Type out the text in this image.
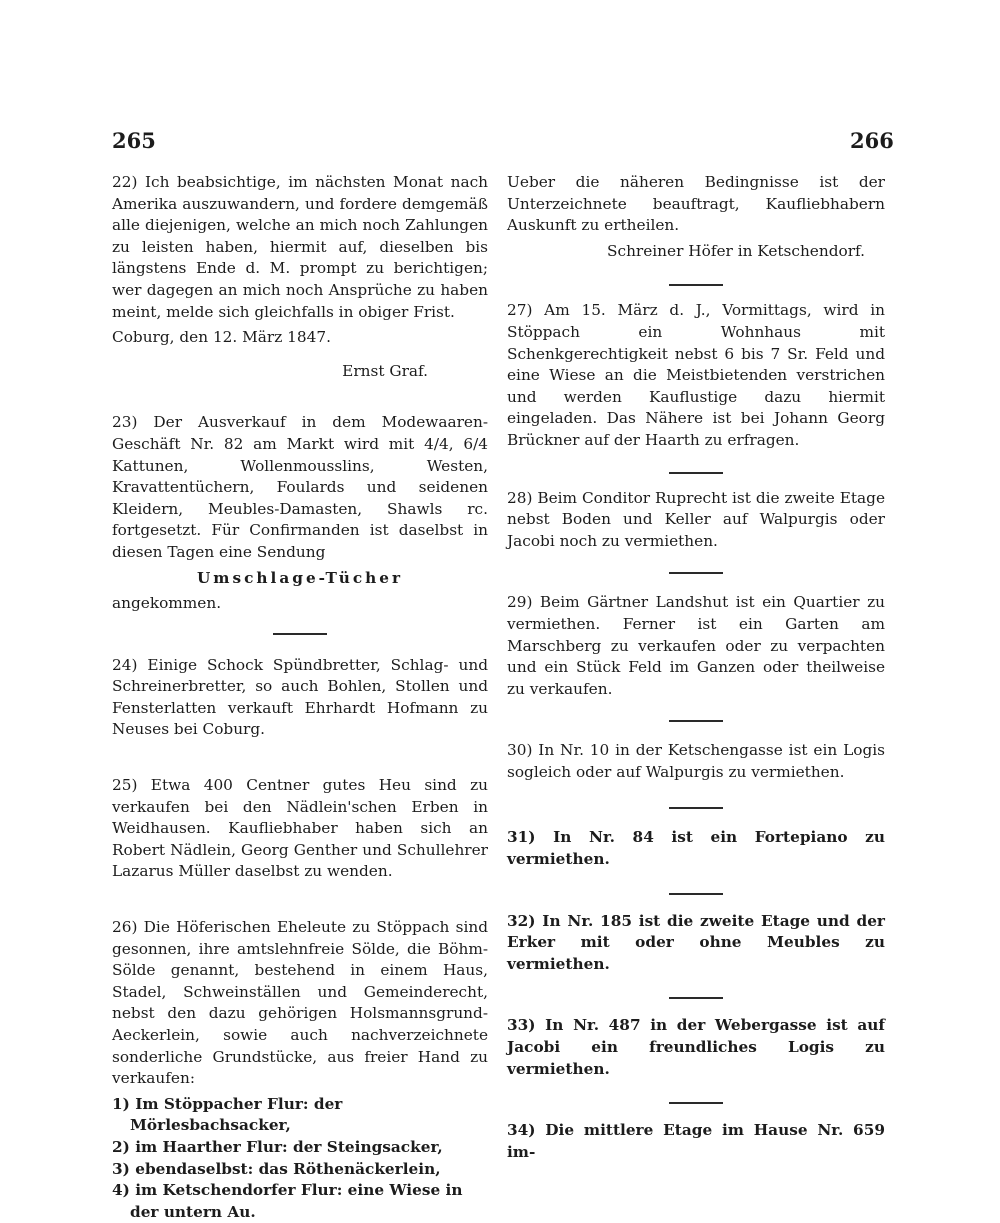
265	266

22) Ich beabsichtige, im nächsten Monat nach Amerika auszuwandern, und fordere demgemäß alle diejenigen, welche an mich noch Zahlungen zu leisten haben, hiermit auf, dieselben bis längstens Ende d. M. prompt zu berichtigen; wer dagegen an mich noch Ansprüche zu haben meint, melde sich gleichfalls in obiger Frist.

Coburg, den 12. März 1847.

Ernst Graf.

23) Der Ausverkauf in dem Modewaaren-Geschäft Nr. 82 am Markt wird mit 4/4, 6/4 Kattunen, Wollenmousslins, Westen, Kravattentüchern, Foulards und seidenen Kleidern, Meubles-Damasten, Shawls rc. fortgesetzt. Für Confirmanden ist daselbst in diesen Tagen eine Sendung

Umschlage-Tücher

angekommen.

24) Einige Schock Spündbretter, Schlag- und Schreinerbretter, so auch Bohlen, Stollen und Fensterlatten verkauft Ehrhardt Hofmann zu Neuses bei Coburg.

25) Etwa 400 Centner gutes Heu sind zu verkaufen bei den Nädlein'schen Erben in Weidhausen. Kaufliebhaber haben sich an Robert Nädlein, Georg Genther und Schullehrer Lazarus Müller daselbst zu wenden.

26) Die Höferischen Eheleute zu Stöppach sind gesonnen, ihre amtslehnfreie Sölde, die Böhm-Sölde genannt, bestehend in einem Haus, Stadel, Schweinställen und Gemeinderecht, nebst den dazu gehörigen Holsmannsgrund-Aeckerlein, sowie auch nachverzeichnete sonderliche Grundstücke, aus freier Hand zu verkaufen:

1) Im Stöppacher Flur: der Mörlesbachsacker,

2) im Haarther Flur: der Steingsacker,

3) ebendaselbst: das Röthenäckerlein,

4) im Ketschendorfer Flur: eine Wiese in der untern Au.

Ueber die näheren Bedingnisse ist der Unterzeichnete beauftragt, Kaufliebhabern Auskunft zu ertheilen.

Schreiner Höfer in Ketschendorf.

27) Am 15. März d. J., Vormittags, wird in Stöppach ein Wohnhaus mit Schenkgerechtigkeit nebst 6 bis 7 Sr. Feld und eine Wiese an die Meistbietenden verstrichen und werden Kauflustige dazu hiermit eingeladen. Das Nähere ist bei Johann Georg Brückner auf der Haarth zu erfragen.

28) Beim Conditor Ruprecht ist die zweite Etage nebst Boden und Keller auf Walpurgis oder Jacobi noch zu vermiethen.

29) Beim Gärtner Landshut ist ein Quartier zu vermiethen. Ferner ist ein Garten am Marschberg zu verkaufen oder zu verpachten und ein Stück Feld im Ganzen oder theilweise zu verkaufen.

30) In Nr. 10 in der Ketschengasse ist ein Logis sogleich oder auf Walpurgis zu vermiethen.

31) In Nr. 84 ist ein Fortepiano zu vermiethen.

32) In Nr. 185 ist die zweite Etage und der Erker mit oder ohne Meubles zu vermiethen.

33) In Nr. 487 in der Webergasse ist auf Jacobi ein freundliches Logis zu vermiethen.

34) Die mittlere Etage im Hause Nr. 659 im-
